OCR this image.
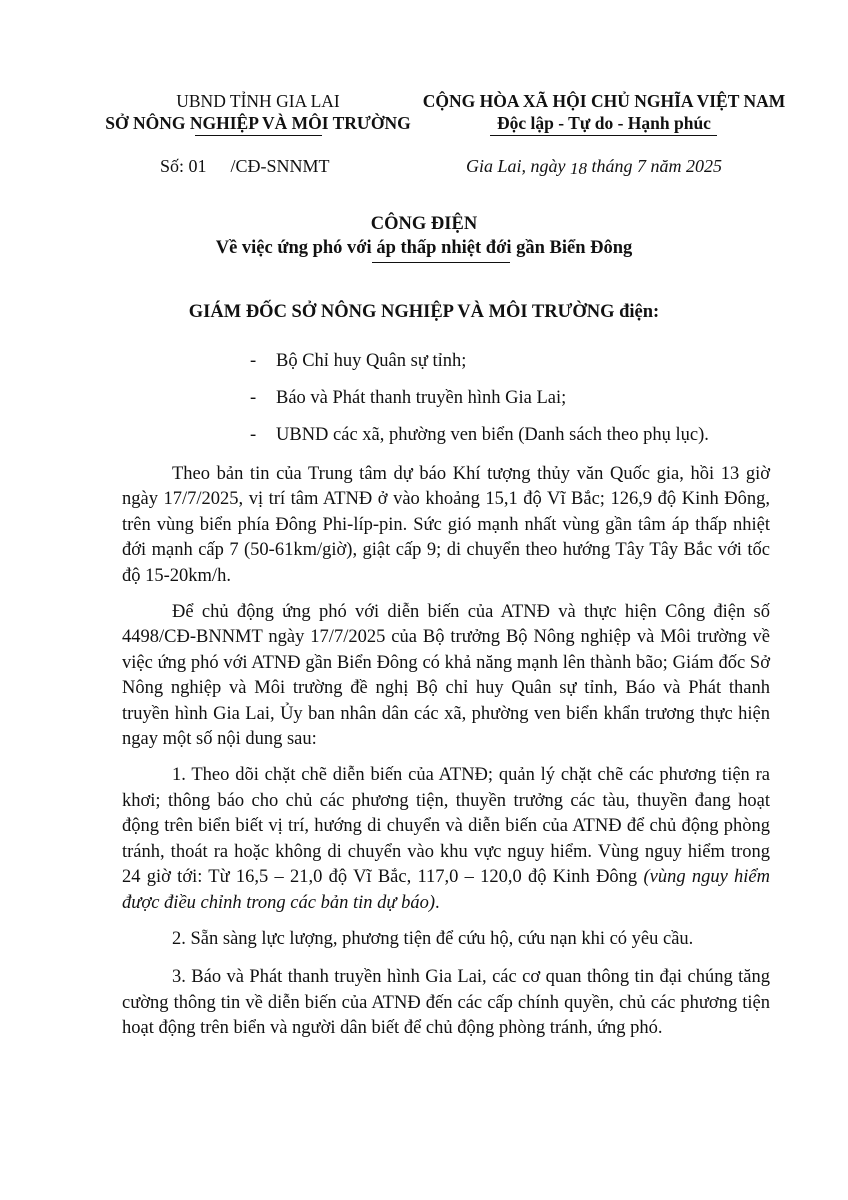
UBND TỈNH GIA LAI
SỞ NÔNG NGHIỆP VÀ MÔI TRƯỜNG
CỘNG HÒA XÃ HỘI CHỦ NGHĨA VIỆT NAM
Độc lập - Tự do - Hạnh phúc
Số: 01 /CĐ-SNNMT	Gia Lai, ngày 18 tháng 7 năm 2025
CÔNG ĐIỆN
Về việc ứng phó với áp thấp nhiệt đới gần Biển Đông
GIÁM ĐỐC SỞ NÔNG NGHIỆP VÀ MÔI TRƯỜNG điện:
- Bộ Chỉ huy Quân sự tỉnh;
- Báo và Phát thanh truyền hình Gia Lai;
- UBND các xã, phường ven biển (Danh sách theo phụ lục).

Theo bản tin của Trung tâm dự báo Khí tượng thủy văn Quốc gia, hồi 13 giờ ngày 17/7/2025, vị trí tâm ATNĐ ở vào khoảng 15,1 độ Vĩ Bắc; 126,9 độ Kinh Đông, trên vùng biển phía Đông Phi-líp-pin. Sức gió mạnh nhất vùng gần tâm áp thấp nhiệt đới mạnh cấp 7 (50-61km/giờ), giật cấp 9; di chuyển theo hướng Tây Tây Bắc với tốc độ 15-20km/h.

Để chủ động ứng phó với diễn biến của ATNĐ và thực hiện Công điện số 4498/CĐ-BNNMT ngày 17/7/2025 của Bộ trưởng Bộ Nông nghiệp và Môi trường về việc ứng phó với ATNĐ gần Biển Đông có khả năng mạnh lên thành bão; Giám đốc Sở Nông nghiệp và Môi trường đề nghị Bộ chỉ huy Quân sự tỉnh, Báo và Phát thanh truyền hình Gia Lai, Ủy ban nhân dân các xã, phường ven biển khẩn trương thực hiện ngay một số nội dung sau:

1. Theo dõi chặt chẽ diễn biến của ATNĐ; quản lý chặt chẽ các phương tiện ra khơi; thông báo cho chủ các phương tiện, thuyền trưởng các tàu, thuyền đang hoạt động trên biển biết vị trí, hướng di chuyển và diễn biến của ATNĐ để chủ động phòng tránh, thoát ra hoặc không di chuyển vào khu vực nguy hiểm. Vùng nguy hiểm trong 24 giờ tới: Từ 16,5 – 21,0 độ Vĩ Bắc, 117,0 – 120,0 độ Kinh Đông (vùng nguy hiểm được điều chỉnh trong các bản tin dự báo).

2. Sẵn sàng lực lượng, phương tiện để cứu hộ, cứu nạn khi có yêu cầu.

3. Báo và Phát thanh truyền hình Gia Lai, các cơ quan thông tin đại chúng tăng cường thông tin về diễn biến của ATNĐ đến các cấp chính quyền, chủ các phương tiện hoạt động trên biển và người dân biết để chủ động phòng tránh, ứng phó.
